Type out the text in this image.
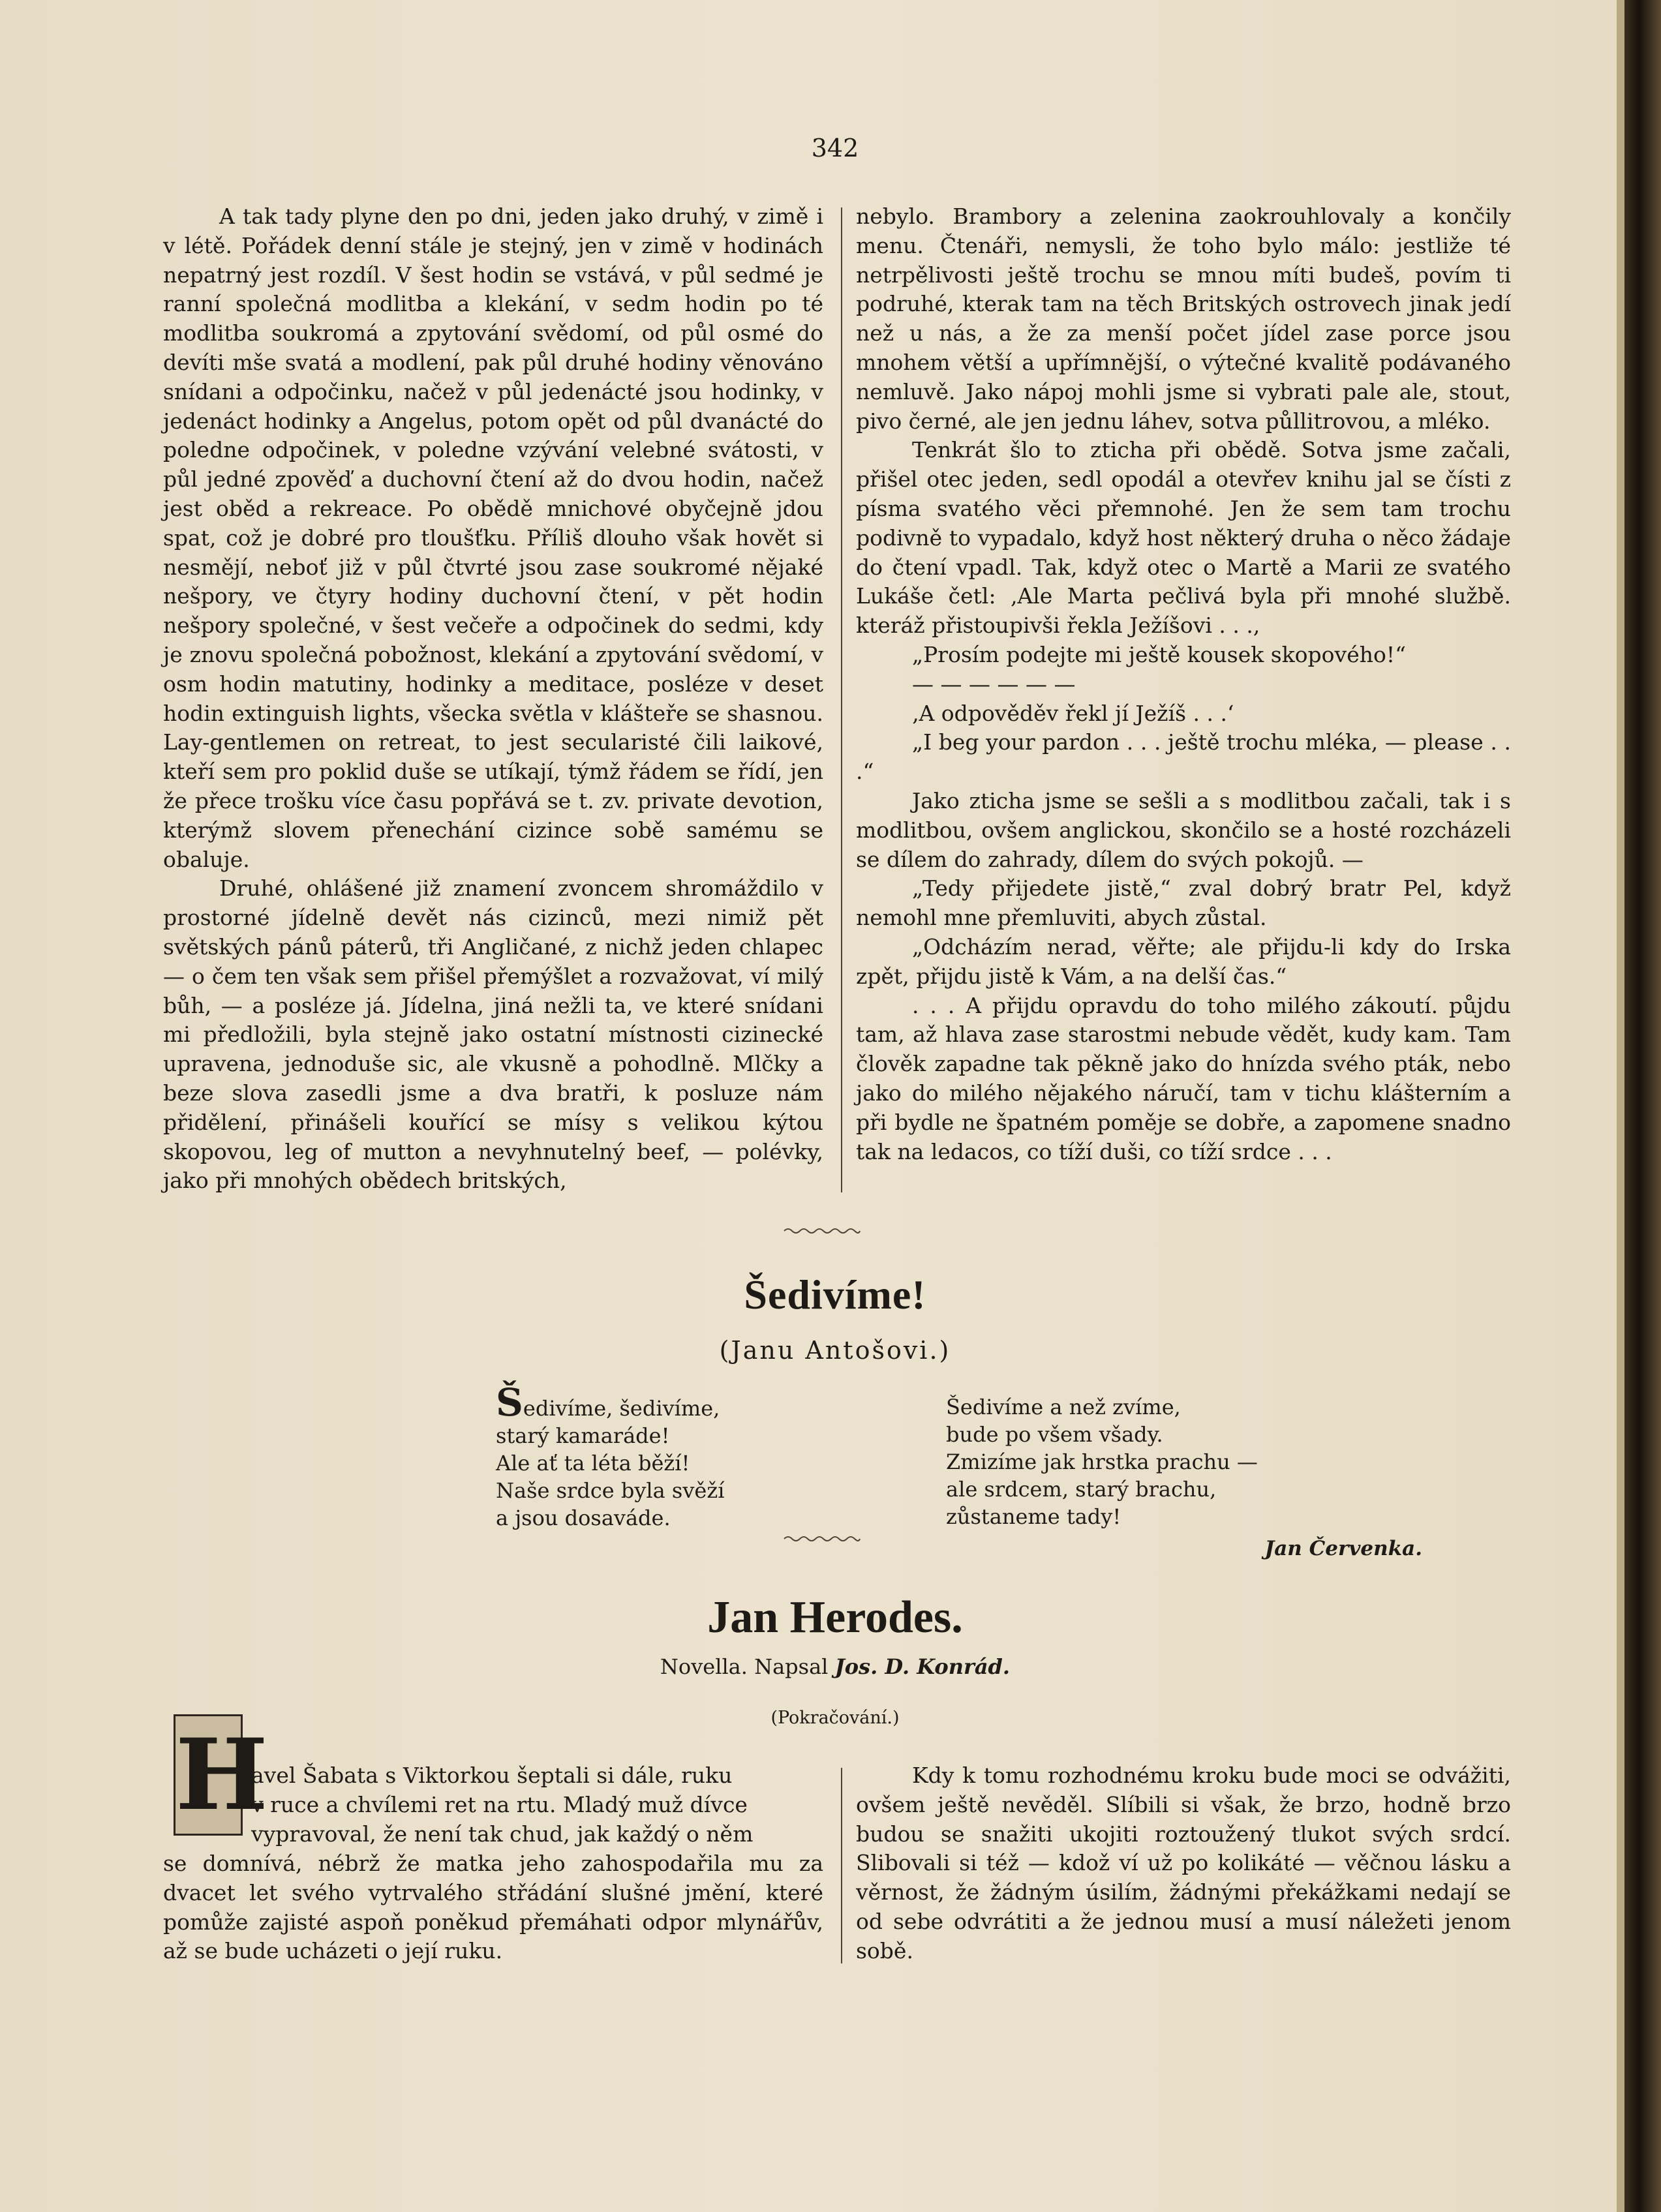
342

A tak tady plyne den po dni, jeden jako druhý, v zimě i v létě. Pořádek denní stále je stejný, jen v zimě v hodinách nepatrný jest rozdíl. V šest hodin se vstává, v půl sedmé je ranní společná modlitba a klekání, v sedm hodin po té modlitba soukromá a zpytování svědomí, od půl osmé do devíti mše svatá a modlení, pak půl druhé hodiny věnováno snídani a odpočinku, načež v půl jedenácté jsou hodinky, v jedenáct hodinky a Angelus, potom opět od půl dvanácté do poledne odpočinek, v poledne vzývání velebné svátosti, v půl jedné zpověď a duchovní čtení až do dvou hodin, načež jest oběd a rekreace. Po obědě mnichové obyčejně jdou spat, což je dobré pro tloušťku. Příliš dlouho však hovět si nesmějí, neboť již v půl čtvrté jsou zase soukromé nějaké nešpory, ve čtyry hodiny duchovní čtení, v pět hodin nešpory společné, v šest večeře a odpočinek do sedmi, kdy je znovu společná pobožnost, klekání a zpytování svědomí, v osm hodin matutiny, hodinky a meditace, posléze v deset hodin extinguish lights, všecka světla v klášteře se shasnou. Lay-gentlemen on retreat, to jest secularisté čili laikové, kteří sem pro poklid duše se utíkají, týmž řádem se řídí, jen že přece trošku více času popřává se t. zv. private devotion, kterýmž slovem přenechání cizince sobě samému se obaluje.

Druhé, ohlášené již znamení zvoncem shromáždilo v prostorné jídelně devět nás cizinců, mezi nimiž pět světských pánů páterů, tři Angličané, z nichž jeden chlapec — o čem ten však sem přišel přemýšlet a rozvažovat, ví milý bůh, — a posléze já. Jídelna, jiná nežli ta, ve které snídani mi předložili, byla stejně jako ostatní místnosti cizinecké upravena, jednoduše sic, ale vkusně a pohodlně. Mlčky a beze slova zasedli jsme a dva bratři, k posluze nám přidělení, přinášeli kouřící se mísy s velikou kýtou skopovou, leg of mutton a nevyhnutelný beef, — polévky, jako při mnohých obědech britských,

nebylo. Brambory a zelenina zaokrouhlovaly a končily menu. Čtenáři, nemysli, že toho bylo málo: jestliže té netrpělivosti ještě trochu se mnou míti budeš, povím ti podruhé, kterak tam na těch Britských ostrovech jinak jedí než u nás, a že za menší počet jídel zase porce jsou mnohem větší a upřímnější, o výtečné kvalitě podávaného nemluvě. Jako nápoj mohli jsme si vybrati pale ale, stout, pivo černé, ale jen jednu láhev, sotva půllitrovou, a mléko.

Tenkrát šlo to zticha při obědě. Sotva jsme začali, přišel otec jeden, sedl opodál a otevřev knihu jal se čísti z písma svatého věci přemnohé. Jen že sem tam trochu podivně to vypadalo, když host některý druha o něco žádaje do čtení vpadl. Tak, když otec o Martě a Marii ze svatého Lukáše četl: ‚Ale Marta pečlivá byla při mnohé službě. kteráž přistoupivši řekla Ježíšovi . . .,

„Prosím podejte mi ještě kousek skopového!“

— — — — — —

‚A odpověděv řekl jí Ježíš . . .‘

„I beg your pardon . . . ještě trochu mléka, — please . . .“

Jako zticha jsme se sešli a s modlitbou začali, tak i s modlitbou, ovšem anglickou, skončilo se a hosté rozcházeli se dílem do zahrady, dílem do svých pokojů. —

„Tedy přijedete jistě,“ zval dobrý bratr Pel, když nemohl mne přemluviti, abych zůstal.

„Odcházím nerad, věřte; ale přijdu-li kdy do Irska zpět, přijdu jistě k Vám, a na delší čas.“

. . . A přijdu opravdu do toho milého zákoutí. půjdu tam, až hlava zase starostmi nebude vědět, kudy kam. Tam člověk zapadne tak pěkně jako do hnízda svého pták, nebo jako do milého nějakého náručí, tam v tichu klášterním a při bydle ne špatném poměje se dobře, a zapomene snadno tak na ledacos, co tíží duši, co tíží srdce . . .

Šedivíme!
(Janu Antošovi.)
Šedivíme, šedivíme,
starý kamaráde!
Ale ať ta léta běží!
Naše srdce byla svěží
a jsou dosaváde.
Šedivíme a než zvíme,
bude po všem všady.
Zmizíme jak hrstka prachu —
ale srdcem, starý brachu,
zůstaneme tady!
Jan Červenka.
Jan Herodes.
Novella. Napsal Jos. D. Konrád.
(Pokračování.)
H
avel Šabata s Viktorkou šeptali si dále, ruku
v ruce a chvílemi ret na rtu. Mladý muž dívce
vypravoval, že není tak chud, jak každý o něm

se domnívá, nébrž že matka jeho zahospodařila mu za dvacet let svého vytrvalého střádání slušné jmění, které pomůže zajisté aspoň poněkud přemáhati odpor mlynářův, až se bude ucházeti o její ruku.

Kdy k tomu rozhodnému kroku bude moci se odvážiti, ovšem ještě nevěděl. Slíbili si však, že brzo, hodně brzo budou se snažiti ukojiti roztoužený tlukot svých srdcí. Slibovali si též — kdož ví už po kolikáté — věčnou lásku a věrnost, že žádným úsilím, žádnými překážkami nedají se od sebe odvrátiti a že jednou musí a musí náležeti jenom sobě.
